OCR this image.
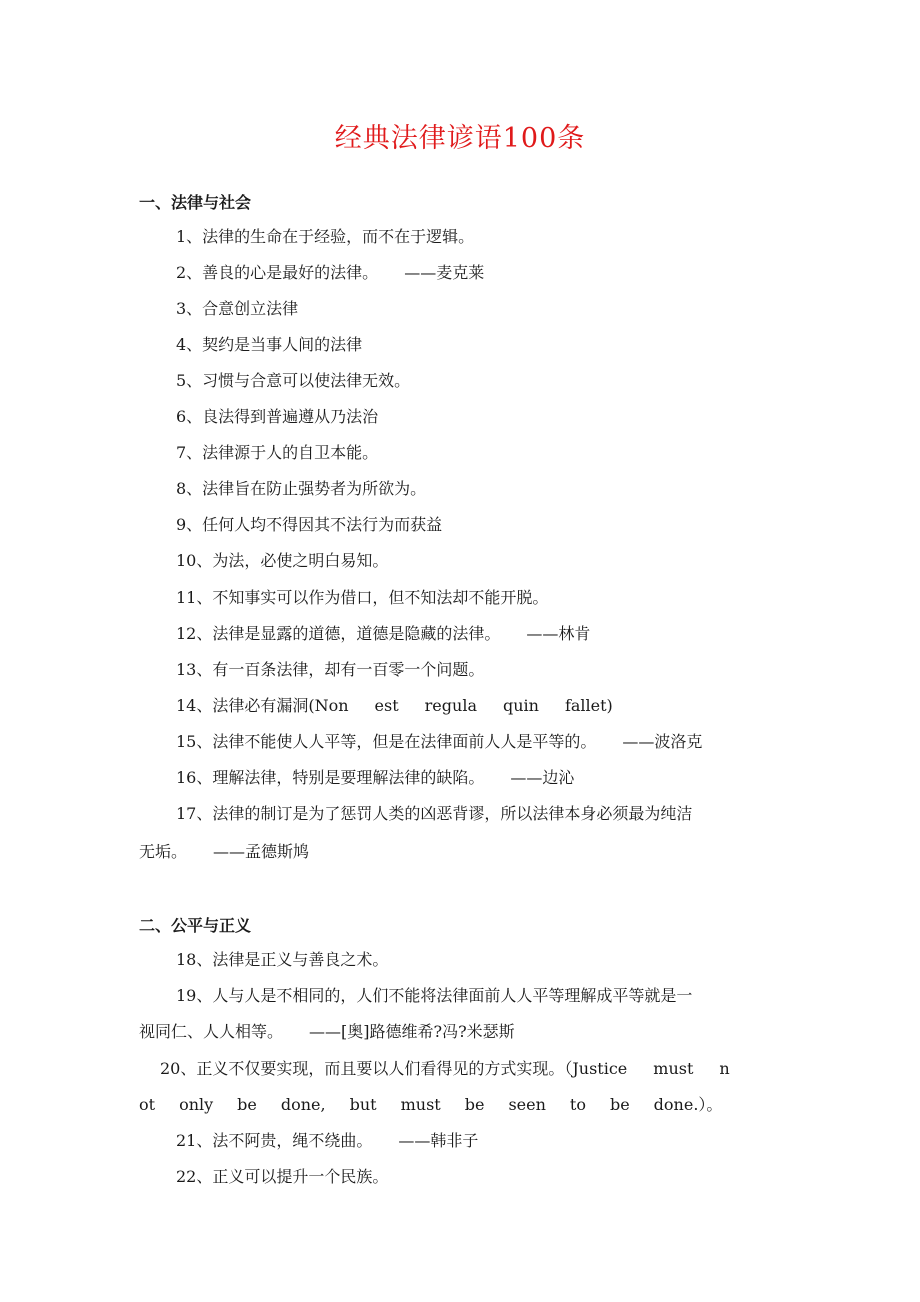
经典法律谚语100条
一、法律与社会
1、法律的生命在于经验，而不在于逻辑。
2、善良的心是最好的法律。 ——麦克莱
3、合意创立法律
4、契约是当事人间的法律
5、习惯与合意可以使法律无效。
6、良法得到普遍遵从乃法治
7、法律源于人的自卫本能。
8、法律旨在防止强势者为所欲为。
9、任何人均不得因其不法行为而获益
10、为法，必使之明白易知。
11、不知事实可以作为借口，但不知法却不能开脱。
12、法律是显露的道德，道德是隐藏的法律。 ——林肯
13、有一百条法律，却有一百零一个问题。
14、法律必有漏洞(Non est regula quin fallet)
15、法律不能使人人平等，但是在法律面前人人是平等的。 ——波洛克
16、理解法律，特别是要理解法律的缺陷。 ——边沁
17、法律的制订是为了惩罚人类的凶恶背谬，所以法律本身必须最为纯洁
无垢。 ——孟德斯鸠
二、公平与正义
18、法律是正义与善良之术。
19、人与人是不相同的，人们不能将法律面前人人平等理解成平等就是一
视同仁、人人相等。 ——[奥]路德维希?冯?米瑟斯
20、正义不仅要实现，而且要以人们看得见的方式实现。（Justice must n
ot only be done, but must be seen to be done.）。
21、法不阿贵，绳不绕曲。 ——韩非子
22、正义可以提升一个民族。
